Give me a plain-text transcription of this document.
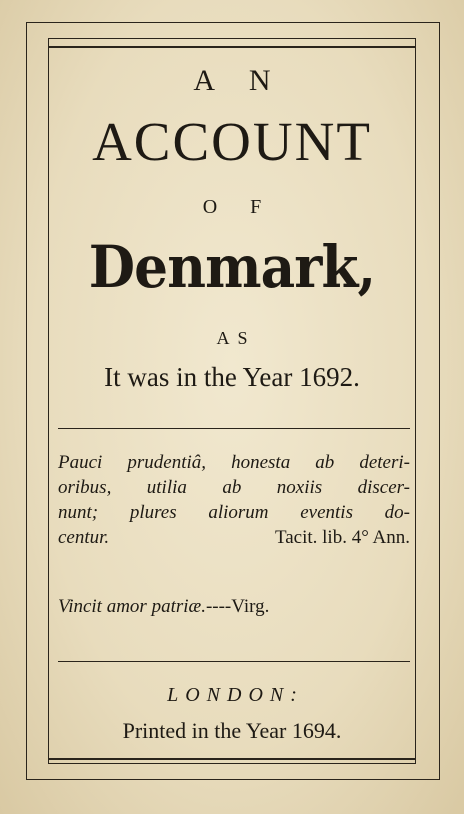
A N
ACCOUNT
O F
Denmark,
AS
It was in the Year 1692.
Pauci prudentiâ, honesta ab deteri-
oribus, utilia ab noxiis discer-
nunt; plures aliorum eventis do-
centur.	Tacit. lib. 4° Ann.
Vincit amor patriæ.----Virg.
LONDON:
Printed in the Year 1694.
